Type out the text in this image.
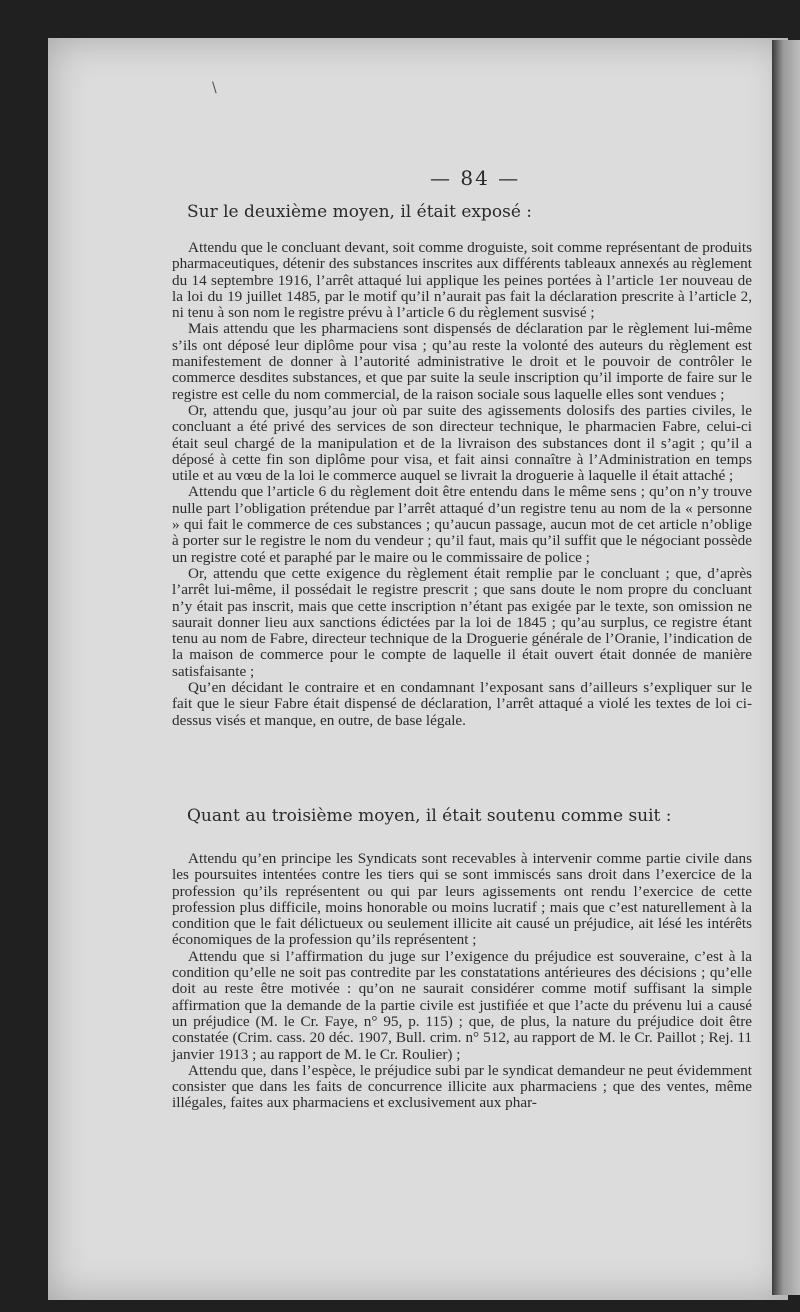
\
— 84 —
Sur le deuxième moyen, il était exposé :

Attendu que le concluant devant, soit comme droguiste, soit comme représentant de produits pharmaceutiques, détenir des substances inscrites aux différents tableaux annexés au règlement du 14 septembre 1916, l’arrêt attaqué lui applique les peines portées à l’article 1er nouveau de la loi du 19 juillet 1485, par le motif qu’il n’aurait pas fait la déclaration prescrite à l’article 2, ni tenu à son nom le registre prévu à l’article 6 du règlement susvisé ;

Mais attendu que les pharmaciens sont dispensés de déclaration par le règlement lui-même s’ils ont déposé leur diplôme pour visa ; qu’au reste la volonté des auteurs du règlement est manifestement de donner à l’autorité administrative le droit et le pouvoir de contrôler le commerce desdites substances, et que par suite la seule inscription qu’il importe de faire sur le registre est celle du nom commercial, de la raison sociale sous laquelle elles sont vendues ;

Or, attendu que, jusqu’au jour où par suite des agissements dolosifs des parties civiles, le concluant a été privé des services de son directeur technique, le pharmacien Fabre, celui-ci était seul chargé de la manipulation et de la livraison des substances dont il s’agit ; qu’il a déposé à cette fin son diplôme pour visa, et fait ainsi connaître à l’Administration en temps utile et au vœu de la loi le commerce auquel se livrait la droguerie à laquelle il était attaché ;

Attendu que l’article 6 du règlement doit être entendu dans le même sens ; qu’on n’y trouve nulle part l’obligation prétendue par l’arrêt attaqué d’un registre tenu au nom de la « personne » qui fait le commerce de ces substances ; qu’aucun passage, aucun mot de cet article n’oblige à porter sur le registre le nom du vendeur ; qu’il faut, mais qu’il suffit que le négociant possède un registre coté et paraphé par le maire ou le commissaire de police ;

Or, attendu que cette exigence du règlement était remplie par le concluant ; que, d’après l’arrêt lui-même, il possédait le registre prescrit ; que sans doute le nom propre du concluant n’y était pas inscrit, mais que cette inscription n’étant pas exigée par le texte, son omission ne saurait donner lieu aux sanctions édictées par la loi de 1845 ; qu’au surplus, ce registre étant tenu au nom de Fabre, directeur technique de la Droguerie générale de l’Oranie, l’indication de la maison de commerce pour le compte de laquelle il était ouvert était donnée de manière satisfaisante ;

Qu’en décidant le contraire et en condamnant l’exposant sans d’ailleurs s’expliquer sur le fait que le sieur Fabre était dispensé de déclaration, l’arrêt attaqué a violé les textes de loi ci-dessus visés et manque, en outre, de base légale.

Quant au troisième moyen, il était soutenu comme suit :

Attendu qu’en principe les Syndicats sont recevables à intervenir comme partie civile dans les poursuites intentées contre les tiers qui se sont immiscés sans droit dans l’exercice de la profession qu’ils représentent ou qui par leurs agissements ont rendu l’exercice de cette profession plus difficile, moins honorable ou moins lucratif ; mais que c’est naturellement à la condition que le fait délictueux ou seulement illicite ait causé un préjudice, ait lésé les intérêts économiques de la profession qu’ils représentent ;

Attendu que si l’affirmation du juge sur l’exigence du préjudice est souveraine, c’est à la condition qu’elle ne soit pas contredite par les constatations antérieures des décisions ; qu’elle doit au reste être motivée : qu’on ne saurait considérer comme motif suffisant la simple affirmation que la demande de la partie civile est justifiée et que l’acte du prévenu lui a causé un préjudice (M. le Cr. Faye, n° 95, p. 115) ; que, de plus, la nature du préjudice doit être constatée (Crim. cass. 20 déc. 1907, Bull. crim. n° 512, au rapport de M. le Cr. Paillot ; Rej. 11 janvier 1913 ; au rapport de M. le Cr. Roulier) ;

Attendu que, dans l’espèce, le préjudice subi par le syndicat demandeur ne peut évidemment consister que dans les faits de concurrence illicite aux pharmaciens ; que des ventes, même illégales, faites aux pharmaciens et exclusivement aux phar-
